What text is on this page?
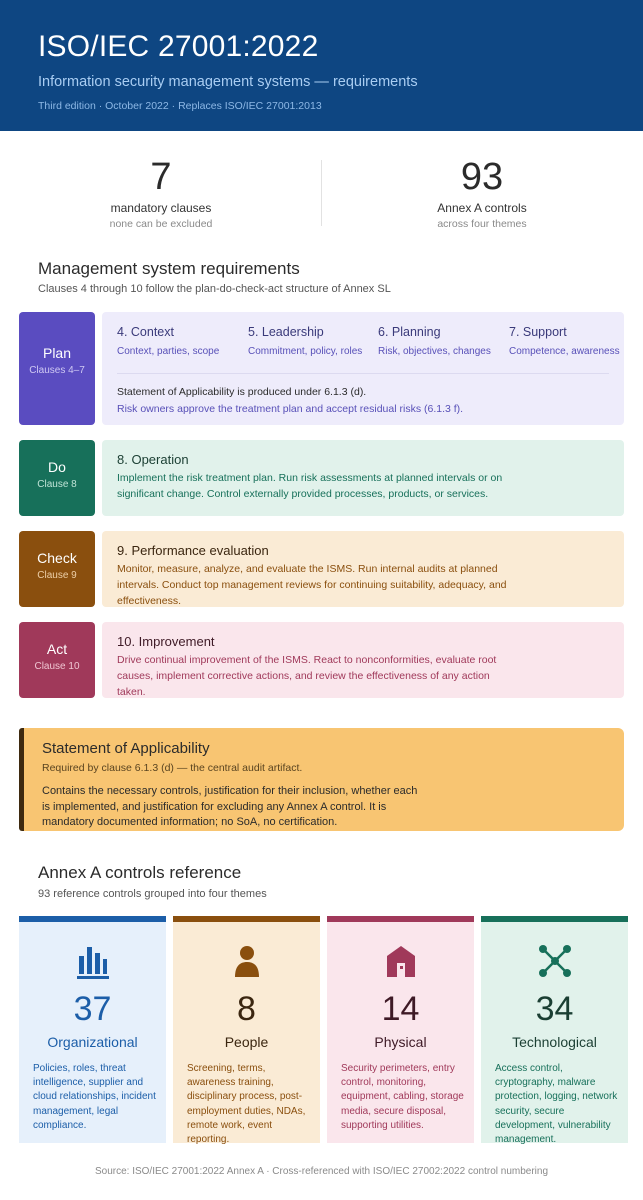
ISO/IEC 27001:2022
Information security management systems — requirements
Third edition · October 2022 · Replaces ISO/IEC 27001:2013
7
mandatory clauses
none can be excluded
93
Annex A controls
across four themes
Management system requirements
Clauses 4 through 10 follow the plan-do-check-act structure of Annex SL
Plan
Clauses 4–7
4. Context
Context, parties, scope
5. Leadership
Commitment, policy, roles
6. Planning
Risk, objectives, changes
7. Support
Competence, awareness
Statement of Applicability is produced under 6.1.3 (d).
Risk owners approve the treatment plan and accept residual risks (6.1.3 f).
Do
Clause 8
8. Operation
Implement the risk treatment plan. Run risk assessments at planned intervals or on significant change. Control externally provided processes, products, or services.
Check
Clause 9
9. Performance evaluation
Monitor, measure, analyze, and evaluate the ISMS. Run internal audits at planned intervals. Conduct top management reviews for continuing suitability, adequacy, and effectiveness.
Act
Clause 10
10. Improvement
Drive continual improvement of the ISMS. React to nonconformities, evaluate root causes, implement corrective actions, and review the effectiveness of any action taken.
Statement of Applicability
Required by clause 6.1.3 (d) — the central audit artifact.
Contains the necessary controls, justification for their inclusion, whether each is implemented, and justification for excluding any Annex A control. It is mandatory documented information; no SoA, no certification.
Annex A controls reference
93 reference controls grouped into four themes
37
Organizational
Policies, roles, threat intelligence, supplier and cloud relationships, incident management, legal compliance.
8
People
Screening, terms, awareness training, disciplinary process, post-employment duties, NDAs, remote work, event reporting.
14
Physical
Security perimeters, entry control, monitoring, equipment, cabling, storage media, secure disposal, supporting utilities.
34
Technological
Access control, cryptography, malware protection, logging, network security, secure development, vulnerability management.
Source: ISO/IEC 27001:2022 Annex A · Cross-referenced with ISO/IEC 27002:2022 control numbering
